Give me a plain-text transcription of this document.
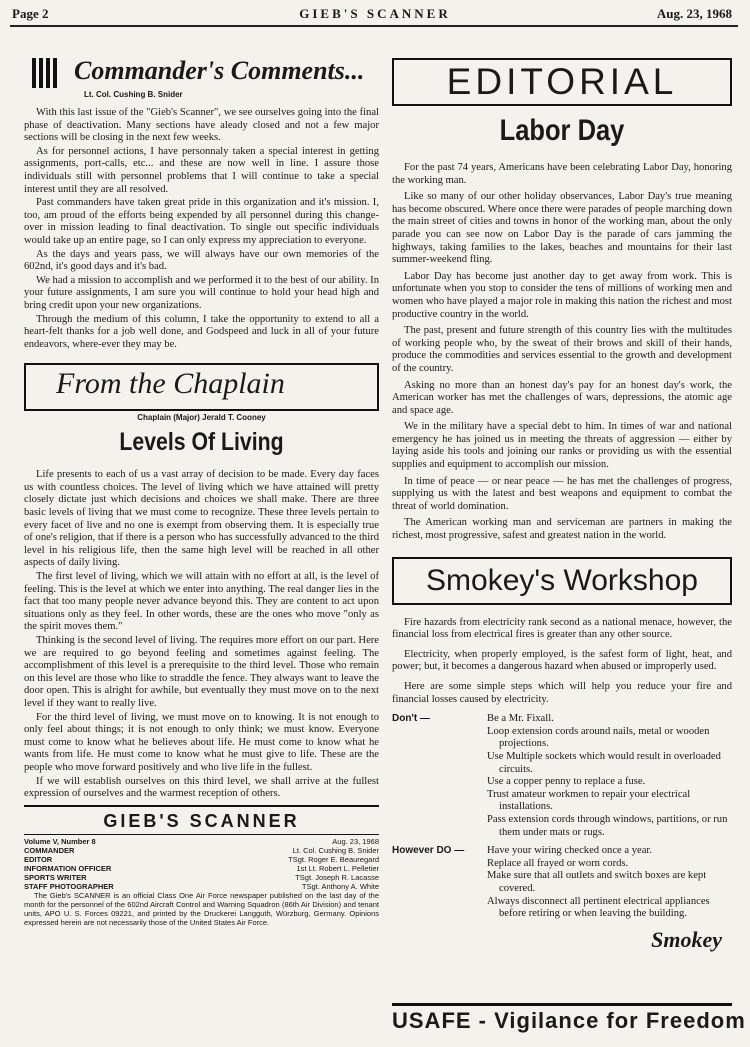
Page 2	GIEB'S SCANNER	Aug. 23, 1968
Commander's Comments...
Lt. Col. Cushing B. Snider

With this last issue of the "Gieb's Scanner", we see ourselves going into the final phase of deactivation. Many sections have aleady closed and not a few major sections will be closing in the next few weeks.

As for personnel actions, I have personnaly taken a special interest in getting assignments, port-calls, etc... and these are now well in line. I assure those individuals still with personnel problems that I will continue to take a special interest until they are all resolved.

Past commanders have taken great pride in this organization and it's mission. I, too, am proud of the efforts being expended by all personnel during this change-over in mission leading to final deactivation. To single out specific individuals would take up an entire page, so I can only express my appreciation to everyone.

As the days and years pass, we will always have our own memories of the 602nd, it's good days and it's bad.

We had a mission to accomplish and we performed it to the best of our ability. In your future assignments, I am sure you will continue to hold your head high and bring credit upon your new organizations.

Through the medium of this column, I take the opportunity to extend to all a heart-felt thanks for a job well done, and Godspeed and luck in all of your future endeavors, where-ever they may be.

From the Chaplain
Chaplain (Major) Jerald T. Cooney
Levels Of Living

Life presents to each of us a vast array of decision to be made. Every day faces us with countless choices. The level of living which we have attained will pretty closely dictate just which decisions and choices we shall make. There are three basic levels of living that we must come to recognize. These three levels pertain to every facet of live and no one is exempt from observing them. It is especially true of one's religion, that if there is a person who has successfully advanced to the third level in his religious life, then the same high level will be reached in all other aspects of daily living.

The first level of living, which we will attain with no effort at all, is the level of feeling. This is the level at which we enter into anything. The real danger lies in the fact that too many people never advance beyond this. They are content to act upon situations only as they feel. In other words, these are the ones who move "only as the spirit moves them."

Thinking is the second level of living. The requires more effort on our part. Here we are required to go beyond feeling and sometimes against feeling. The accomplishment of this level is a prerequisite to the third level. Those who remain on this level are those who like to straddle the fence. They always want to leave the door open. This is alright for awhile, but eventually they must move on to the next level if they want to really live.

For the third level of living, we must move on to knowing. It is not enough to only feel about things; it is not enough to only think; we must know. Everyone must come to know what he believes about life. He must come to know what he wants from life. He must come to know what he must give to life. These are the people who move forward positively and who live life in the fullest.

If we will establish ourselves on this third level, we shall arrive at the fullest expression of ourselves and the warmest reception of others.

GIEB'S SCANNER
Volume V, Number 8	Aug. 23, 1968
COMMANDER	Lt. Col. Cushing B. Snider
EDITOR	TSgt. Roger E. Beauregard
INFORMATION OFFICER	1st Lt. Robert L. Pelletier
SPORTS WRITER	TSgt. Joseph R. Lacasse
STAFF PHOTOGRAPHER	TSgt. Anthony A. White
The Gieb's SCANNER is an official Class One Air Force newspaper published on the last day of the month for the personnel of the 602nd Aircraft Control and Warning Squadron (86th Air Division) and tenant units, APO U. S. Forces 09221, and printed by the Druckerei Langguth, Würzburg, Germany. Opinions expressed herein are not necessarily those of the United States Air Force.
EDITORIAL
Labor Day

For the past 74 years, Americans have been celebrating Labor Day, honoring the working man.

Like so many of our other holiday observances, Labor Day's true meaning has become obscured. Where once there were parades of people marching down the main street of cities and towns in honor of the working man, about the only parade you can see now on Labor Day is the parade of cars jamming the highways, taking families to the lakes, beaches and mountains for their last summer-weekend fling.

Labor Day has become just another day to get away from work. This is unfortunate when you stop to consider the tens of millions of working men and women who have played a major role in making this nation the richest and most productive country in the world.

The past, present and future strength of this country lies with the multitudes of working people who, by the sweat of their brows and skill of their hands, produce the commodities and services essential to the growth and development of the country.

Asking no more than an honest day's pay for an honest day's work, the American worker has met the challenges of wars, depressions, the atomic age and space age.

We in the military have a special debt to him. In times of war and national emergency he has joined us in meeting the threats of aggression — either by laying aside his tools and joining our ranks or providing us with the essential supplies and equipment to accomplish our mission.

In time of peace — or near peace — he has met the challenges of progress, supplying us with the latest and best weapons and equipment to combat the threat of world domination.

The American working man and serviceman are partners in making the richest, most progressive, safest and greatest nation in the world.

Smokey's Workshop

Fire hazards from electricity rank second as a national menace, however, the financial loss from electrical fires is greater than any other source.

Electricity, when properly employed, is the safest form of light, heat, and power; but, it becomes a dangerous hazard when abused or improperly used.

Here are some simple steps which will help you reduce your fire and financial losses caused by electricity.

Don't —	Be a Mr. Fixall.
Loop extension cords around nails, metal or wooden projections.
Use Multiple sockets which would result in overloaded circuits.
Use a copper penny to replace a fuse.
Trust amateur workmen to repair your electrical installations.
Pass extension cords through windows, partitions, or run them under mats or rugs.
However DO —	Have your wiring checked once a year.
Replace all frayed or worn cords.
Make sure that all outlets and switch boxes are kept covered.
Always disconnect all pertinent electrical appliances before retiring or when leaving the building.
Smokey
USAFE - Vigilance for Freedom
